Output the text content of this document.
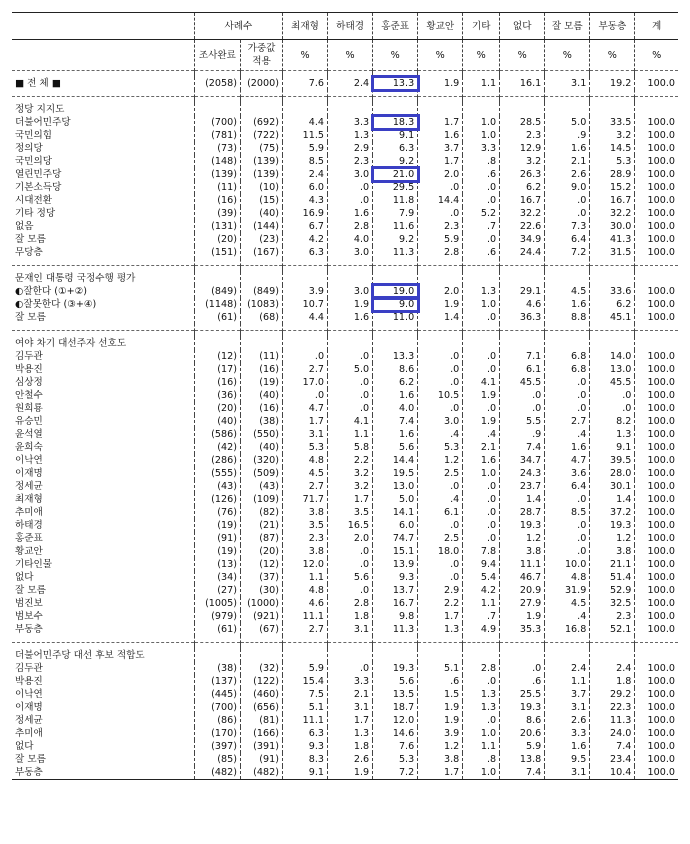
	사례수		최재형	하태경	홍준표	황교안	기타	없다	잘 모름	부동층	계
	조사완료	가중값 적용	%	%	%	%	%	%	%	%	%

■ 전 체 ■	(2058)	(2000)	7.6	2.4	13.3	1.9	1.1	16.1	3.1	19.2	100.0

정당 지지도											
더불어민주당	(700)	(692)	4.4	3.3	18.3	1.7	1.0	28.5	5.0	33.5	100.0
국민의힘	(781)	(722)	11.5	1.3	9.1	1.6	1.0	2.3	.9	3.2	100.0
정의당	(73)	(75)	5.9	2.9	6.3	3.7	3.3	12.9	1.6	14.5	100.0
국민의당	(148)	(139)	8.5	2.3	9.2	1.7	.8	3.2	2.1	5.3	100.0
열린민주당	(139)	(139)	2.4	3.0	21.0	2.0	.6	26.3	2.6	28.9	100.0
기본소득당	(11)	(10)	6.0	.0	29.5	.0	.0	6.2	9.0	15.2	100.0
시대전환	(16)	(15)	4.3	.0	11.8	14.4	.0	16.7	.0	16.7	100.0
기타 정당	(39)	(40)	16.9	1.6	7.9	.0	5.2	32.2	.0	32.2	100.0
없음	(131)	(144)	6.7	2.8	11.6	2.3	.7	22.6	7.3	30.0	100.0
잘 모름	(20)	(23)	4.2	4.0	9.2	5.9	.0	34.9	6.4	41.3	100.0
무당층	(151)	(167)	6.3	3.0	11.3	2.8	.6	24.4	7.2	31.5	100.0

문재인 대통령 국정수행 평가											
◐잘한다 (①+②)	(849)	(849)	3.9	3.0	19.0	2.0	1.3	29.1	4.5	33.6	100.0
◐잘못한다 (③+④)	(1148)	(1083)	10.7	1.9	9.0	1.9	1.0	4.6	1.6	6.2	100.0
잘 모름	(61)	(68)	4.4	1.6	11.0	1.4	.0	36.3	8.8	45.1	100.0

여야 차기 대선주자 선호도											
김두관	(12)	(11)	.0	.0	13.3	.0	.0	7.1	6.8	14.0	100.0
박용진	(17)	(16)	2.7	5.0	8.6	.0	.0	6.1	6.8	13.0	100.0
심상정	(16)	(19)	17.0	.0	6.2	.0	4.1	45.5	.0	45.5	100.0
안철수	(36)	(40)	.0	.0	1.6	10.5	1.9	.0	.0	.0	100.0
원희룡	(20)	(16)	4.7	.0	4.0	.0	.0	.0	.0	.0	100.0
유승민	(40)	(38)	1.7	4.1	7.4	3.0	1.9	5.5	2.7	8.2	100.0
윤석열	(586)	(550)	3.1	1.1	1.6	.4	.4	.9	.4	1.3	100.0
윤희숙	(42)	(40)	5.3	5.8	5.6	5.3	2.1	7.4	1.6	9.1	100.0
이낙연	(286)	(320)	4.8	2.2	14.4	1.2	1.6	34.7	4.7	39.5	100.0
이재명	(555)	(509)	4.5	3.2	19.5	2.5	1.0	24.3	3.6	28.0	100.0
정세균	(43)	(43)	2.7	3.2	13.0	.0	.0	23.7	6.4	30.1	100.0
최재형	(126)	(109)	71.7	1.7	5.0	.4	.0	1.4	.0	1.4	100.0
추미애	(76)	(82)	3.8	3.5	14.1	6.1	.0	28.7	8.5	37.2	100.0
하태경	(19)	(21)	3.5	16.5	6.0	.0	.0	19.3	.0	19.3	100.0
홍준표	(91)	(87)	2.3	2.0	74.7	2.5	.0	1.2	.0	1.2	100.0
황교안	(19)	(20)	3.8	.0	15.1	18.0	7.8	3.8	.0	3.8	100.0
기타인물	(13)	(12)	12.0	.0	13.9	.0	9.4	11.1	10.0	21.1	100.0
없다	(34)	(37)	1.1	5.6	9.3	.0	5.4	46.7	4.8	51.4	100.0
잘 모름	(27)	(30)	4.8	.0	13.7	2.9	4.2	20.9	31.9	52.9	100.0
범진보	(1005)	(1000)	4.6	2.8	16.7	2.2	1.1	27.9	4.5	32.5	100.0
범보수	(979)	(921)	11.1	1.8	9.8	1.7	.7	1.9	.4	2.3	100.0
부동층	(61)	(67)	2.7	3.1	11.3	1.3	4.9	35.3	16.8	52.1	100.0

더불어민주당 대선 후보 적합도											
김두관	(38)	(32)	5.9	.0	19.3	5.1	2.8	.0	2.4	2.4	100.0
박용진	(137)	(122)	15.4	3.3	5.6	.6	.0	.6	1.1	1.8	100.0
이낙연	(445)	(460)	7.5	2.1	13.5	1.5	1.3	25.5	3.7	29.2	100.0
이재명	(700)	(656)	5.1	3.1	18.7	1.9	1.3	19.3	3.1	22.3	100.0
정세균	(86)	(81)	11.1	1.7	12.0	1.9	.0	8.6	2.6	11.3	100.0
추미애	(170)	(166)	6.3	1.3	14.6	3.9	1.0	20.6	3.3	24.0	100.0
없다	(397)	(391)	9.3	1.8	7.6	1.2	1.1	5.9	1.6	7.4	100.0
잘 모름	(85)	(91)	8.3	2.6	5.3	3.8	.8	13.8	9.5	23.4	100.0
부동층	(482)	(482)	9.1	1.9	7.2	1.7	1.0	7.4	3.1	10.4	100.0
